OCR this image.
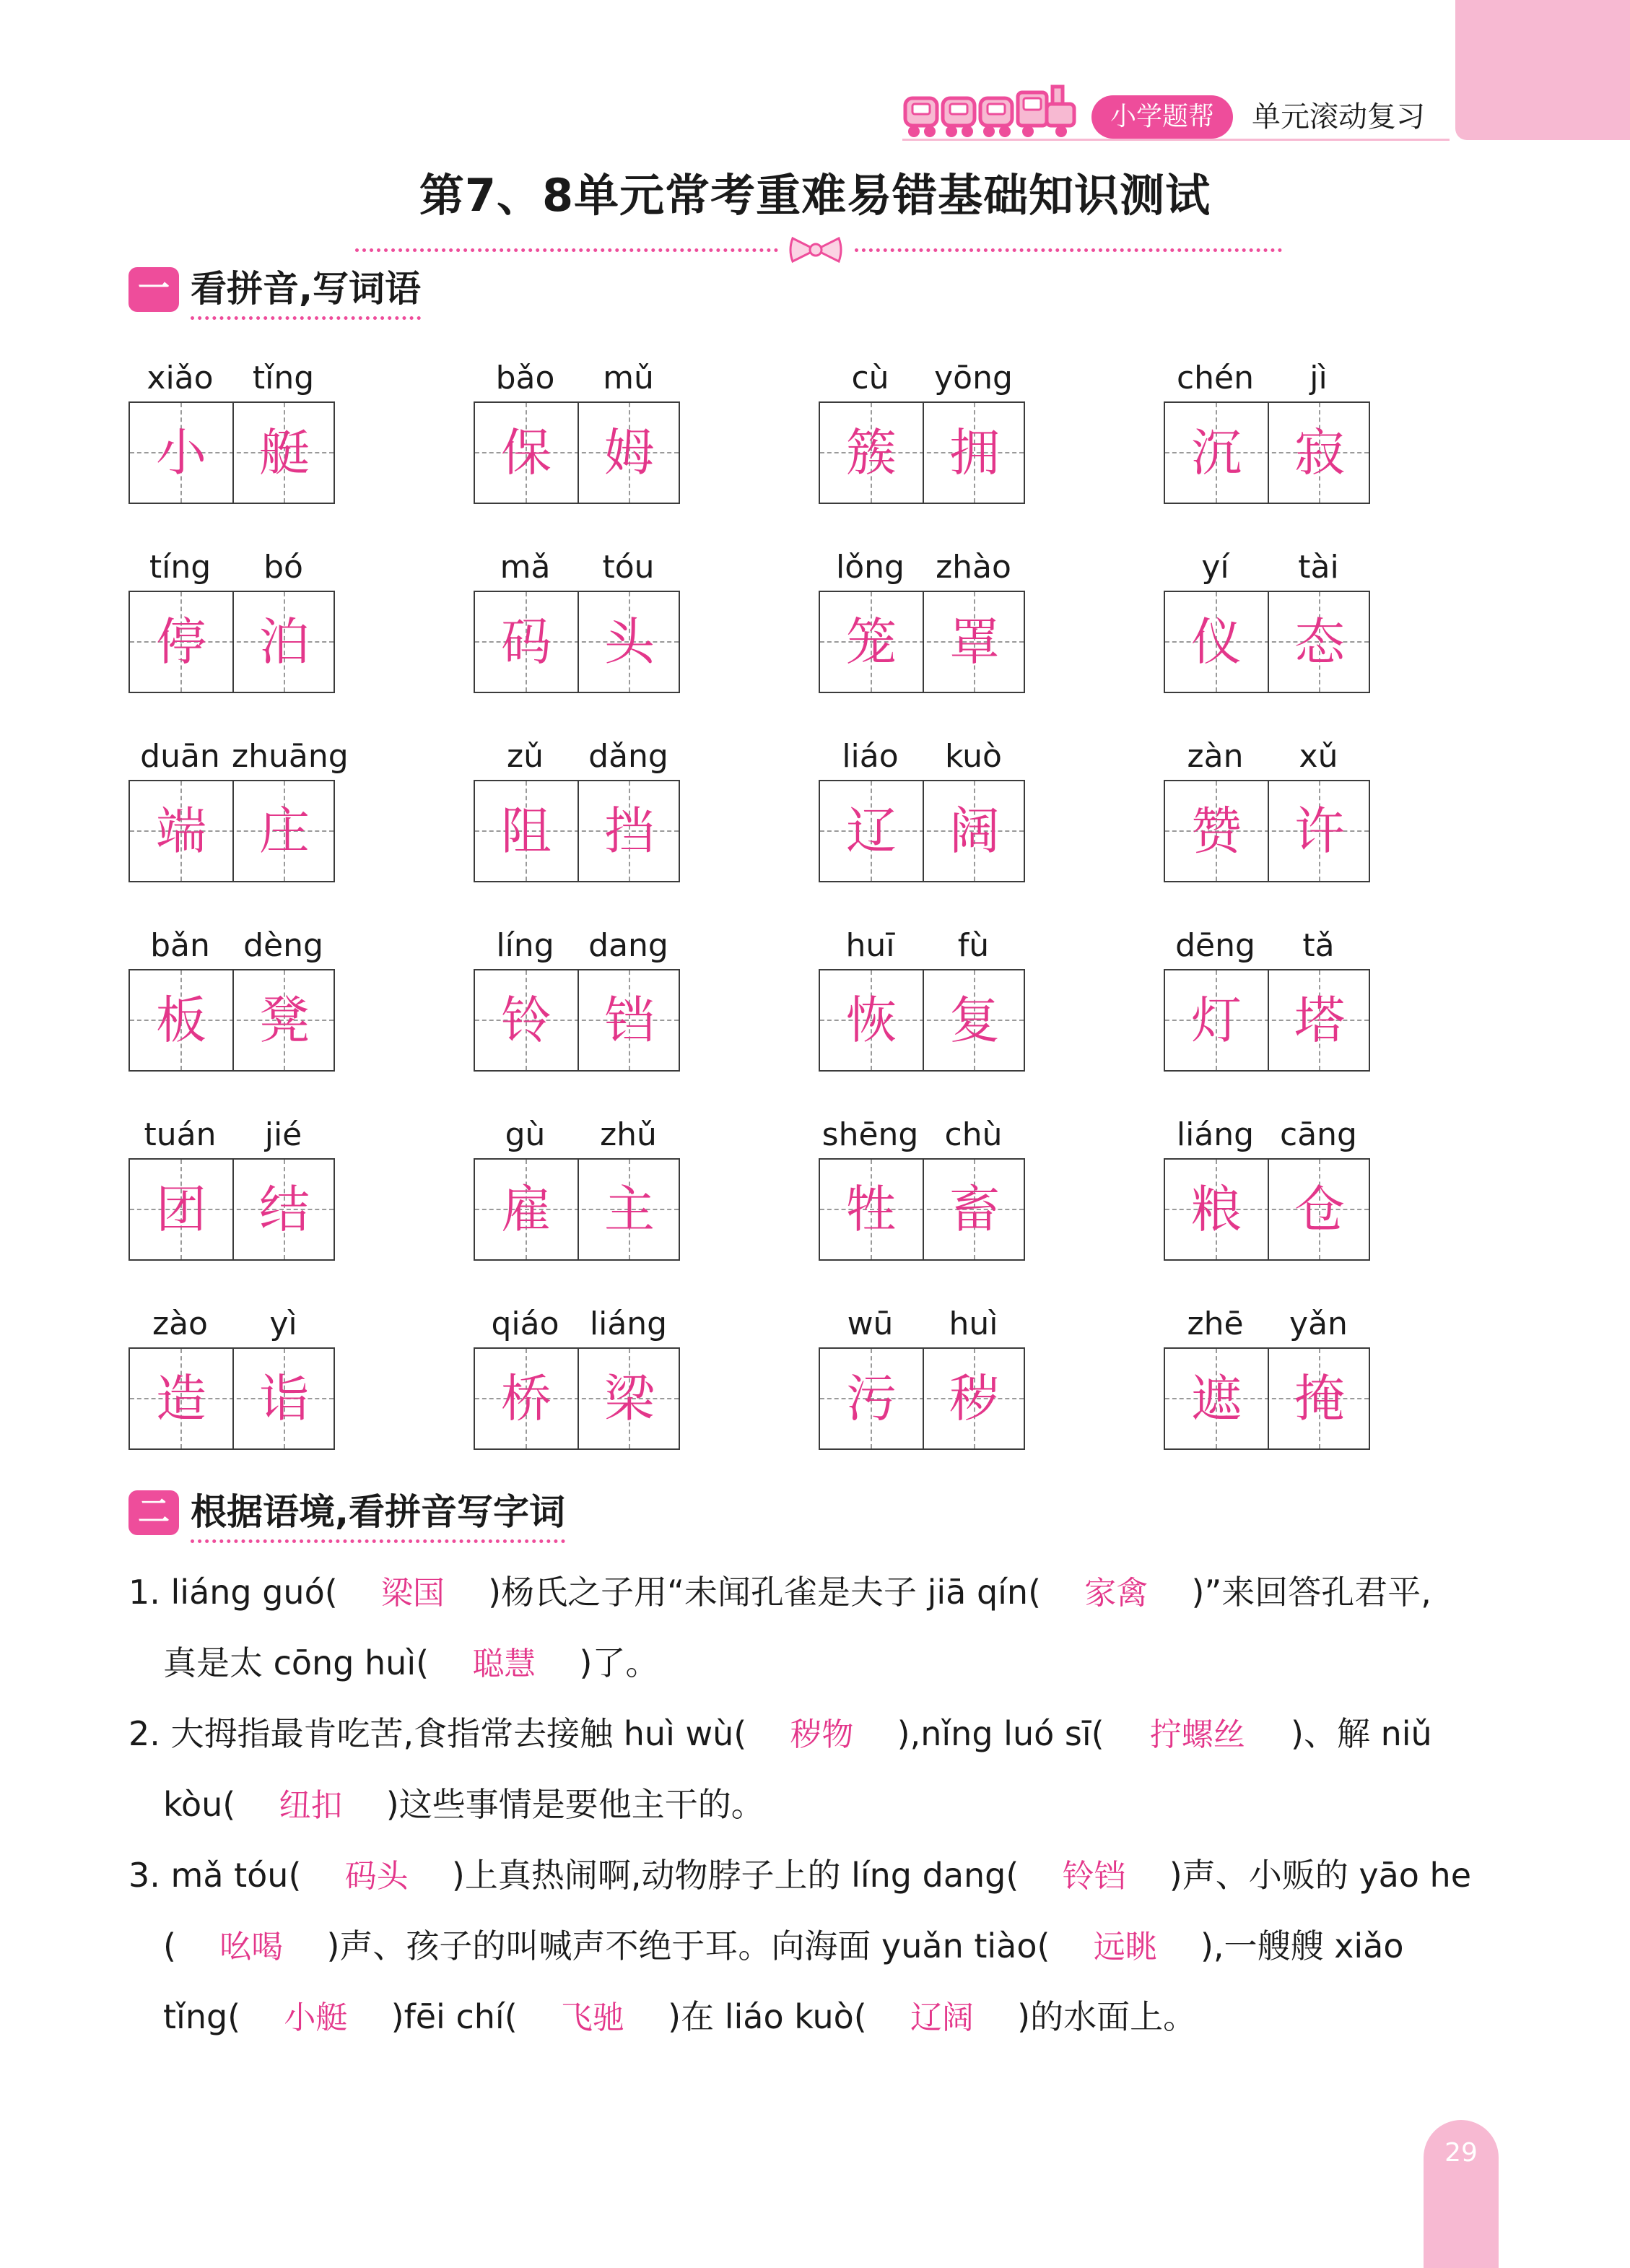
小学题帮	单元滚动复习
第7、8单元常考重难易错基础知识测试
一 看拼音,写词语
xiǎo	tǐng
小	艇
bǎo	mǔ
保	姆
cù	yōng
簇	拥
chén	jì
沉	寂
tíng	bó
停	泊
mǎ	tóu
码	头
lǒng zhào
笼	罩
yí	tài
仪	态
duān zhuāng
端	庄
zǔ	dǎng
阻	挡
liáo	kuò
辽	阔
zàn	xǔ
赞	许
bǎn	dèng
板	凳
líng	dang
铃	铛
huī	fù
恢	复
dēng	tǎ
灯	塔
tuán	jié
团	结
gù	zhǔ
雇	主
shēng chù
牲	畜
liáng cāng
粮	仓
zào	yì
造	诣
qiáo liáng
桥	梁
wū	huì
污	秽
zhē	yǎn
遮	掩
二 根据语境,看拼音写字词
1. liáng guó(  梁国  )杨氏之子用“未闻孔雀是夫子 jiā qín(  家禽  )”来回答孔君平,
真是太 cōng huì(  聪慧  )了。
2. 大拇指最肯吃苦,食指常去接触 huì wù(  秽物  ),nǐng luó sī(  拧螺丝  )、解 niǔ
kòu(  纽扣  )这些事情是要他主干的。
3. mǎ tóu(  码头  )上真热闹啊,动物脖子上的 líng dang(  铃铛  )声、小贩的 yāo he
(  吆喝  )声、孩子的叫喊声不绝于耳。向海面 yuǎn tiào(  远眺  ),一艘艘 xiǎo
tǐng(  小艇  )fēi chí(  飞驰  )在 liáo kuò(  辽阔  )的水面上。
29
